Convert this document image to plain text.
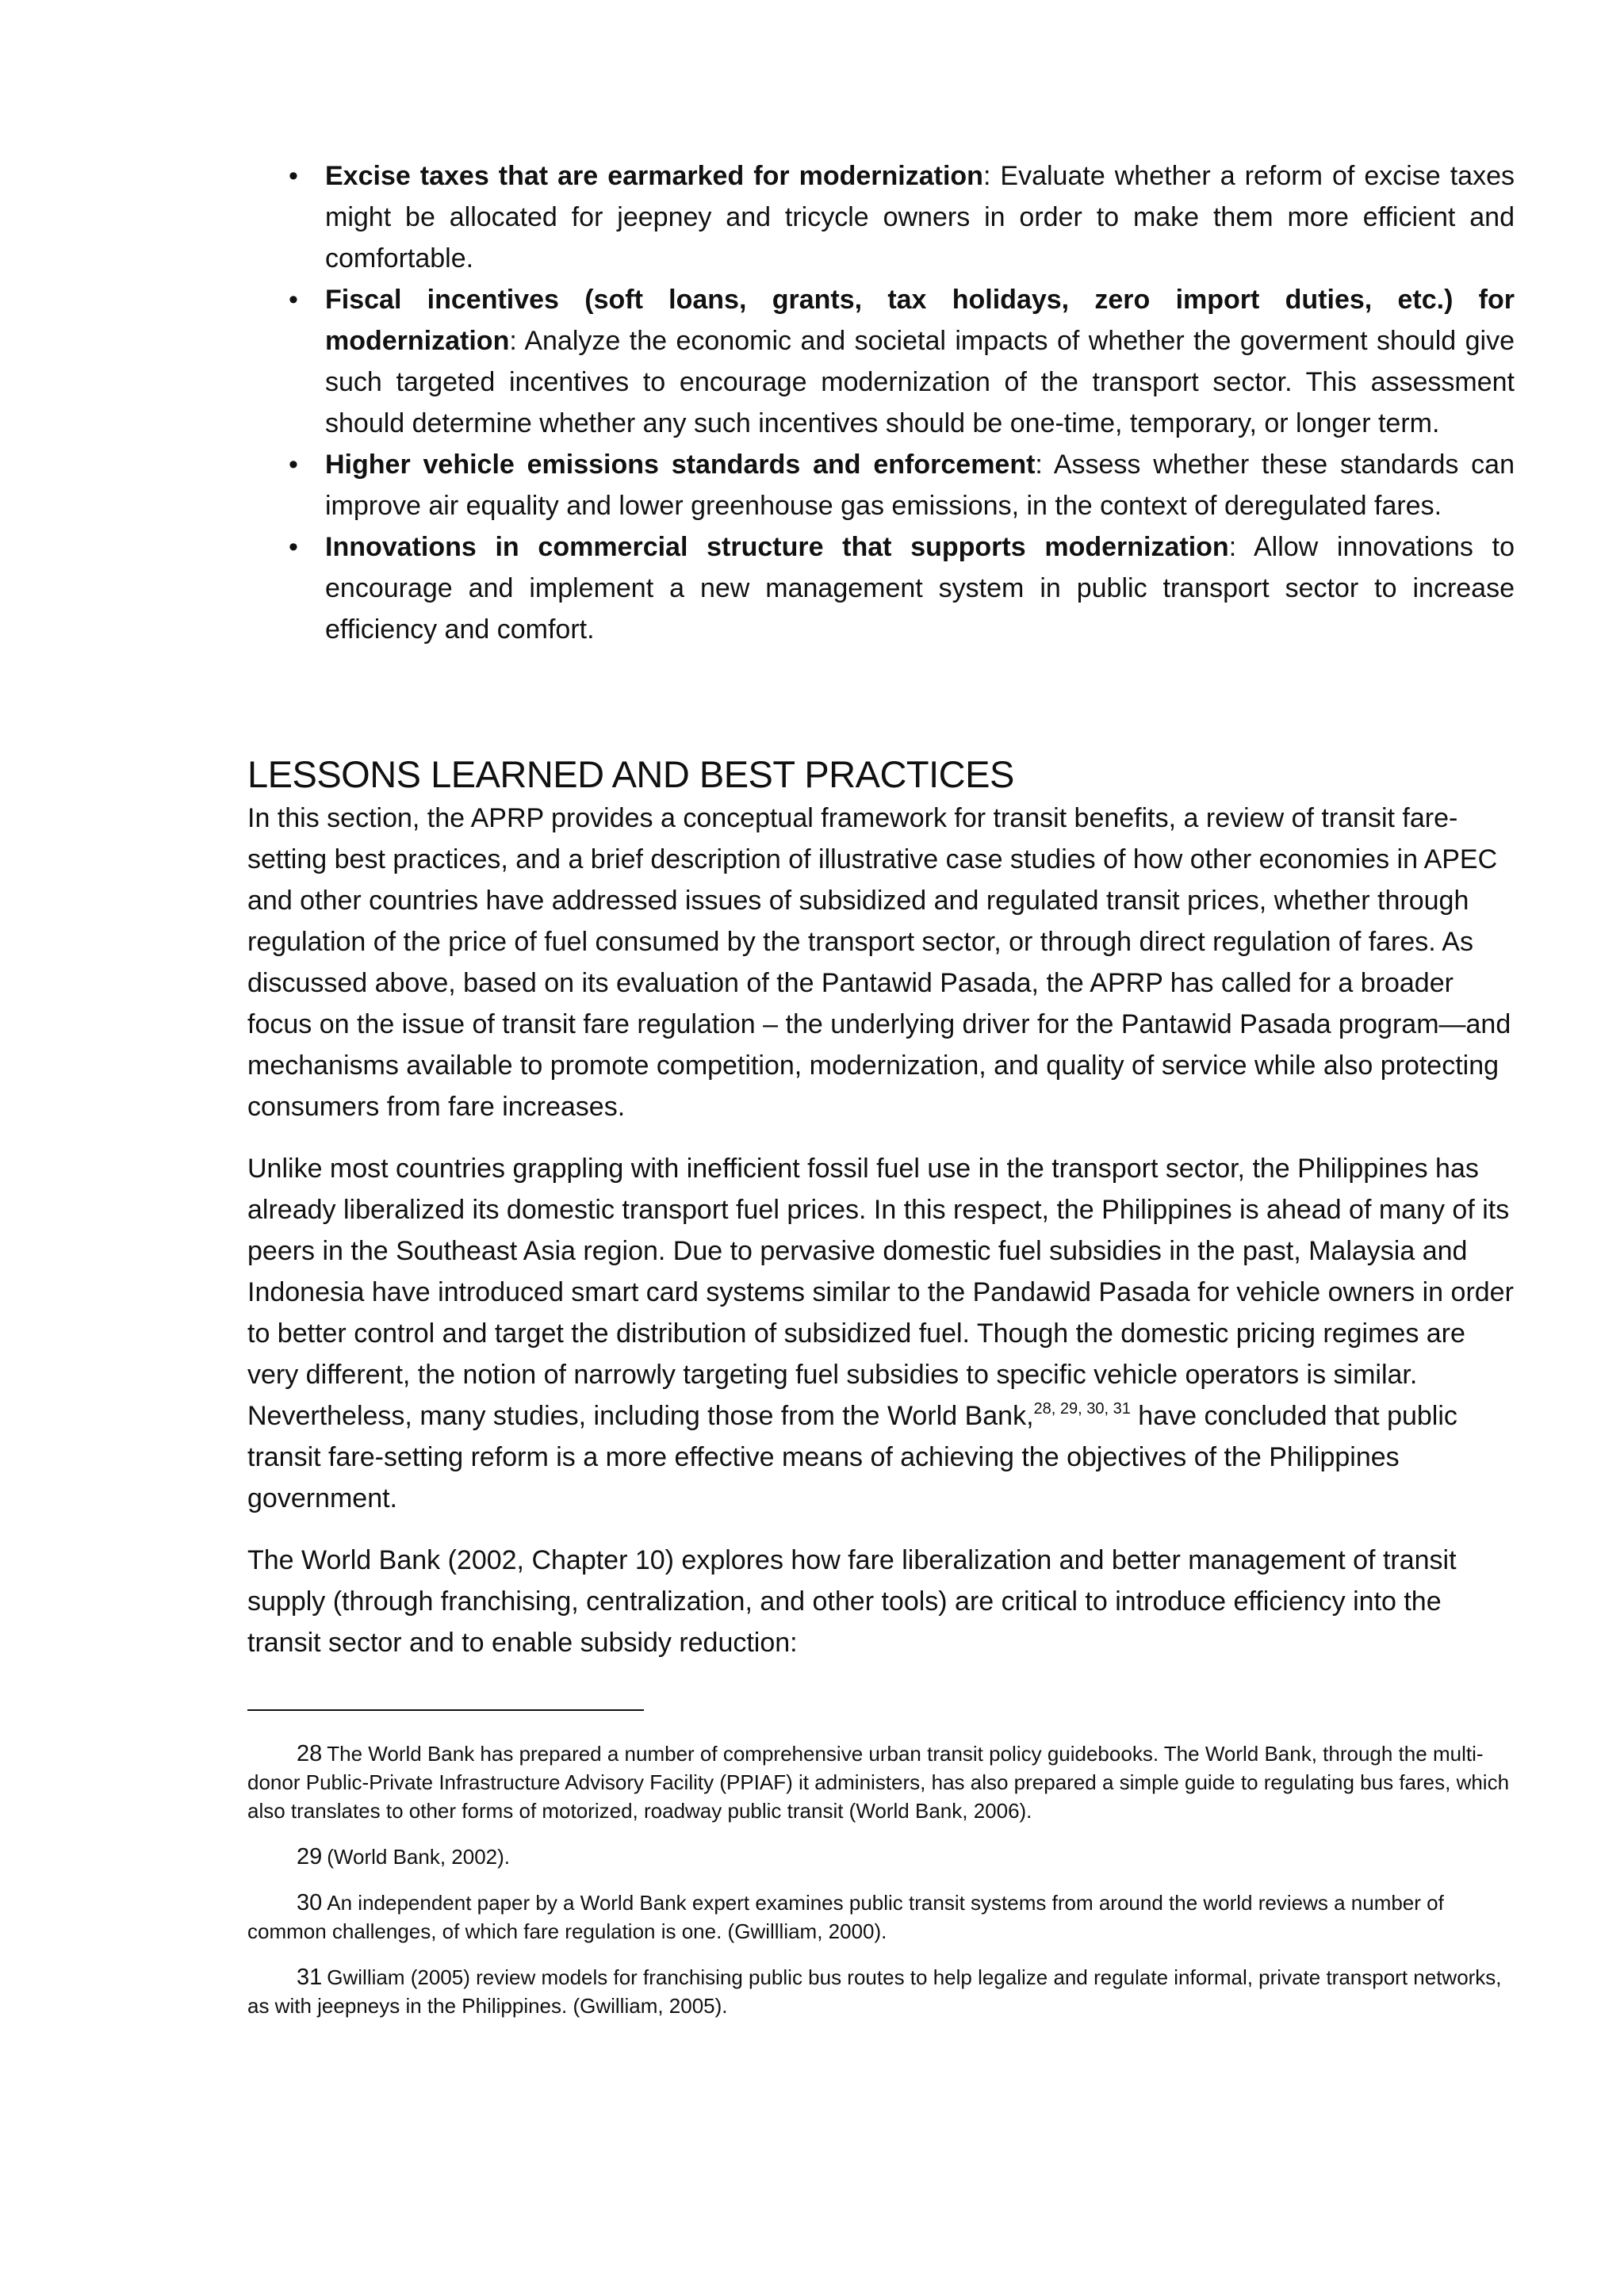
• Excise taxes that are earmarked for modernization: Evaluate whether a reform of excise taxes might be allocated for jeepney and tricycle owners in order to make them more efficient and comfortable.
• Fiscal incentives (soft loans, grants, tax holidays, zero import duties, etc.) for modernization: Analyze the economic and societal impacts of whether the goverment should give such targeted incentives to encourage modernization of the transport sector. This assessment should determine whether any such incentives should be one-time, temporary, or longer term.
• Higher vehicle emissions standards and enforcement: Assess whether these standards can improve air equality and lower greenhouse gas emissions, in the context of deregulated fares.
• Innovations in commercial structure that supports modernization: Allow innovations to encourage and implement a new management system in public transport sector to increase efficiency and comfort.
LESSONS LEARNED AND BEST PRACTICES

In this section, the APRP provides a conceptual framework for transit benefits, a review of transit fare-setting best practices, and a brief description of illustrative case studies of how other economies in APEC and other countries have addressed issues of subsidized and regulated transit prices, whether through regulation of the price of fuel consumed by the transport sector, or through direct regulation of fares. As discussed above, based on its evaluation of the Pantawid Pasada, the APRP has called for a broader focus on the issue of transit fare regulation – the underlying driver for the Pantawid Pasada program—and mechanisms available to promote competition, modernization, and quality of service while also protecting consumers from fare increases.

Unlike most countries grappling with inefficient fossil fuel use in the transport sector, the Philippines has already liberalized its domestic transport fuel prices. In this respect, the Philippines is ahead of many of its peers in the Southeast Asia region. Due to pervasive domestic fuel subsidies in the past, Malaysia and Indonesia have introduced smart card systems similar to the Pandawid Pasada for vehicle owners in order to better control and target the distribution of subsidized fuel. Though the domestic pricing regimes are very different, the notion of narrowly targeting fuel subsidies to specific vehicle operators is similar. Nevertheless, many studies, including those from the World Bank,$^{28, 29, 30, 31}$ have concluded that public transit fare-setting reform is a more effective means of achieving the objectives of the Philippines government.

The World Bank (2002, Chapter 10) explores how fare liberalization and better management of transit supply (through franchising, centralization, and other tools) are critical to introduce efficiency into the transit sector and to enable subsidy reduction:

28 The World Bank has prepared a number of comprehensive urban transit policy guidebooks. The World Bank, through the multi-donor Public-Private Infrastructure Advisory Facility (PPIAF) it administers, has also prepared a simple guide to regulating bus fares, which also translates to other forms of motorized, roadway public transit (World Bank, 2006).

29 (World Bank, 2002).

30 An independent paper by a World Bank expert examines public transit systems from around the world reviews a number of common challenges, of which fare regulation is one. (Gwillliam, 2000).

31 Gwilliam (2005) review models for franchising public bus routes to help legalize and regulate informal, private transport networks, as with jeepneys in the Philippines. (Gwilliam, 2005).
